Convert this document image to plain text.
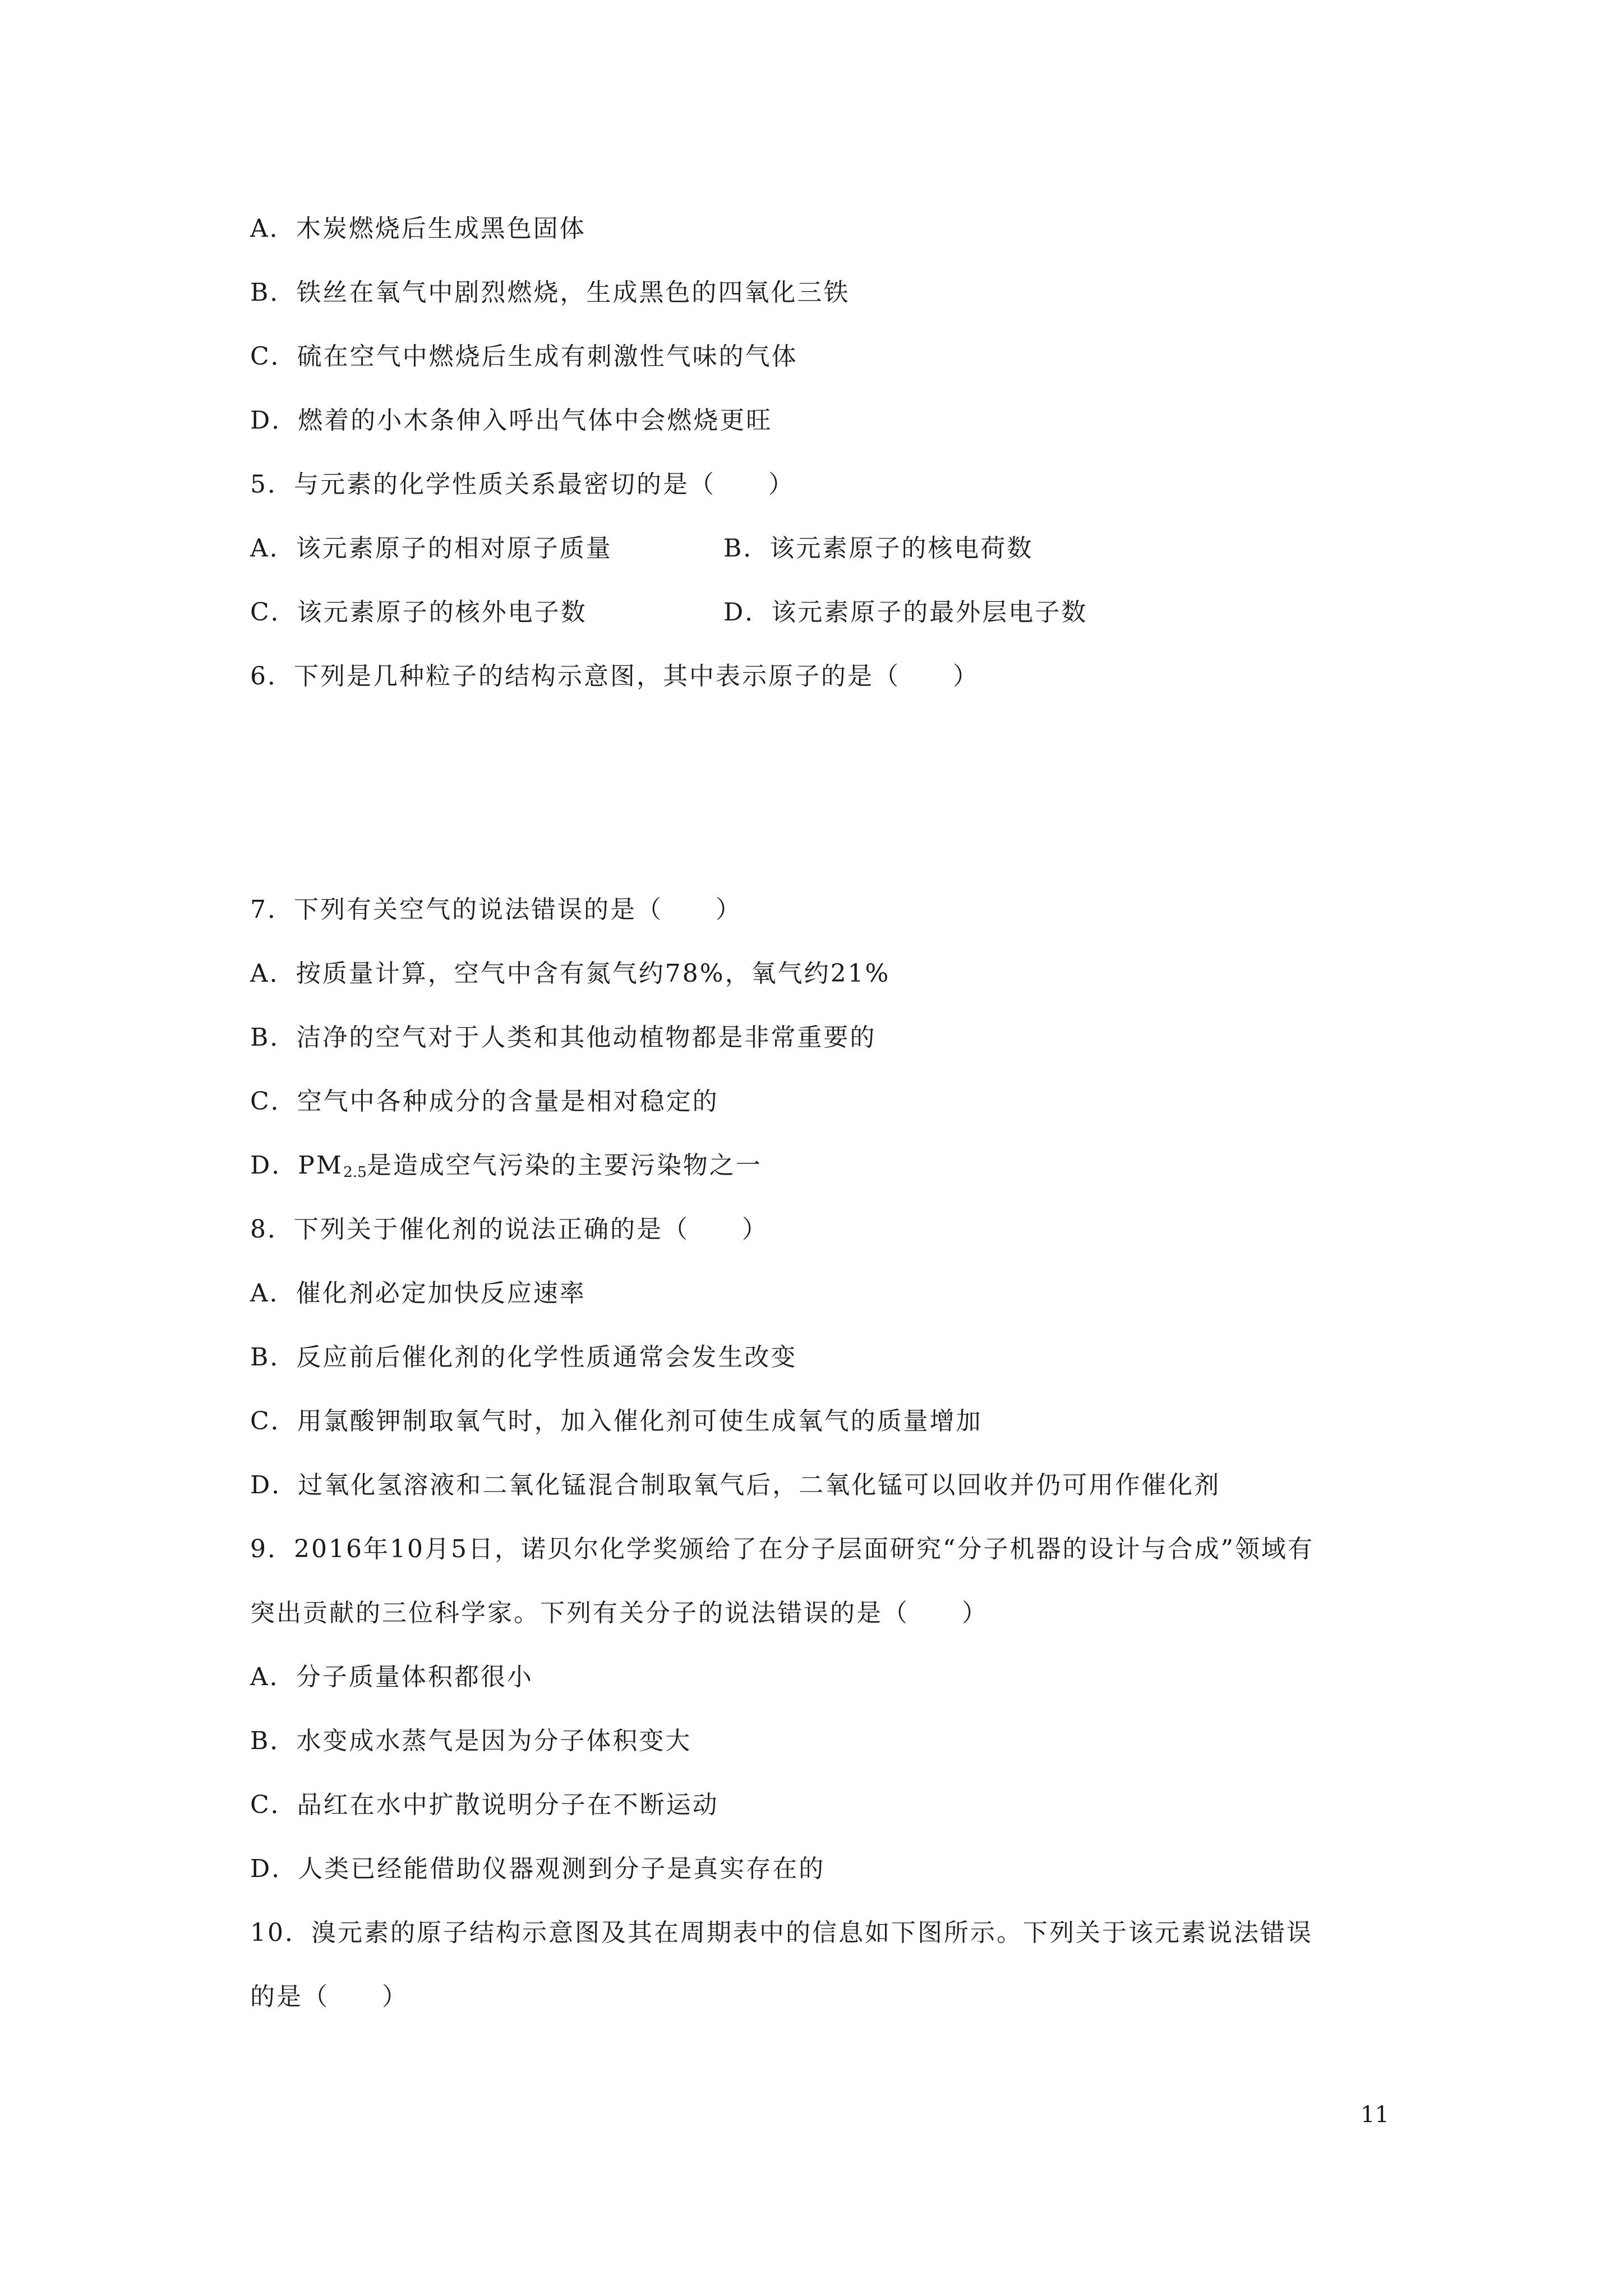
A．木炭燃烧后生成黑色固体
B．铁丝在氧气中剧烈燃烧，生成黑色的四氧化三铁
C．硫在空气中燃烧后生成有刺激性气味的气体
D．燃着的小木条伸入呼出气体中会燃烧更旺
5．与元素的化学性质关系最密切的是（　　）
A．该元素原子的相对原子质量	B．该元素原子的核电荷数
C．该元素原子的核外电子数	D．该元素原子的最外层电子数
6．下列是几种粒子的结构示意图，其中表示原子的是（　　）
7．下列有关空气的说法错误的是（　　）
A．按质量计算，空气中含有氮气约78%，氧气约21%
B．洁净的空气对于人类和其他动植物都是非常重要的
C．空气中各种成分的含量是相对稳定的
D．$PM_{2.5}$是造成空气污染的主要污染物之一
8．下列关于催化剂的说法正确的是（　　）
A．催化剂必定加快反应速率
B．反应前后催化剂的化学性质通常会发生改变
C．用氯酸钾制取氧气时，加入催化剂可使生成氧气的质量增加
D．过氧化氢溶液和二氧化锰混合制取氧气后，二氧化锰可以回收并仍可用作催化剂
9．2016年10月5日，诺贝尔化学奖颁给了在分子层面研究“分子机器的设计与合成”领域有
突出贡献的三位科学家。下列有关分子的说法错误的是（　　）
A．分子质量体积都很小
B．水变成水蒸气是因为分子体积变大
C．品红在水中扩散说明分子在不断运动
D．人类已经能借助仪器观测到分子是真实存在的
10．溴元素的原子结构示意图及其在周期表中的信息如下图所示。下列关于该元素说法错误
的是（　　）
11
